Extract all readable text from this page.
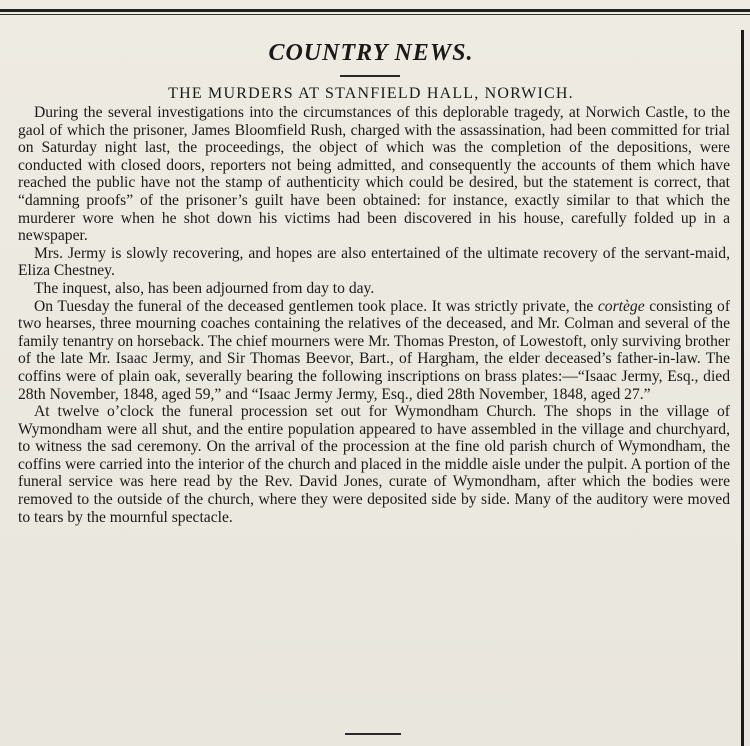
COUNTRY NEWS.
THE MURDERS AT STANFIELD HALL, NORWICH.

During the several investigations into the circumstances of this deplorable tragedy, at Norwich Castle, to the gaol of which the prisoner, James Bloomfield Rush, charged with the assassination, had been committed for trial on Saturday night last, the proceedings, the object of which was the completion of the depositions, were conducted with closed doors, reporters not being admitted, and consequently the accounts of them which have reached the public have not the stamp of authenticity which could be desired, but the statement is correct, that “damning proofs” of the prisoner’s guilt have been obtained: for instance, exactly similar to that which the murderer wore when he shot down his victims had been discovered in his house, carefully folded up in a newspaper.

Mrs. Jermy is slowly recovering, and hopes are also entertained of the ultimate recovery of the servant-maid, Eliza Chestney.

The inquest, also, has been adjourned from day to day.

On Tuesday the funeral of the deceased gentlemen took place. It was strictly private, the cortège consisting of two hearses, three mourning coaches containing the relatives of the deceased, and Mr. Colman and several of the family tenantry on horseback. The chief mourners were Mr. Thomas Preston, of Lowestoft, only surviving brother of the late Mr. Isaac Jermy, and Sir Thomas Beevor, Bart., of Hargham, the elder deceased’s father-in-law. The coffins were of plain oak, severally bearing the following inscriptions on brass plates:—“Isaac Jermy, Esq., died 28th November, 1848, aged 59,” and “Isaac Jermy Jermy, Esq., died 28th November, 1848, aged 27.”

At twelve o’clock the funeral procession set out for Wymondham Church. The shops in the village of Wymondham were all shut, and the entire population appeared to have assembled in the village and churchyard, to witness the sad ceremony. On the arrival of the procession at the fine old parish church of Wymondham, the coffins were carried into the interior of the church and placed in the middle aisle under the pulpit. A portion of the funeral service was here read by the Rev. David Jones, curate of Wymondham, after which the bodies were removed to the outside of the church, where they were deposited side by side. Many of the auditory were moved to tears by the mournful spectacle.
